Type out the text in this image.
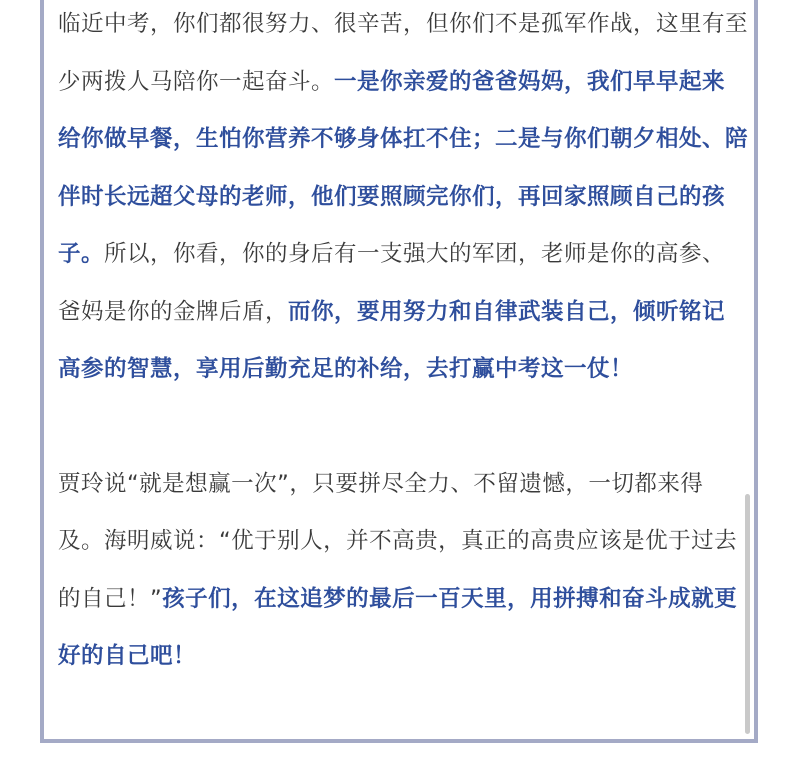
临近中考，你们都很努力、很辛苦，但你们不是孤军作战，这里有至少两拨人马陪你一起奋斗。一是你亲爱的爸爸妈妈，我们早早起来给你做早餐，生怕你营养不够身体扛不住；二是与你们朝夕相处、陪伴时长远超父母的老师，他们要照顾完你们，再回家照顾自己的孩子。所以，你看，你的身后有一支强大的军团，老师是你的高参、爸妈是你的金牌后盾，而你，要用努力和自律武装自己，倾听铭记高参的智慧，享用后勤充足的补给，去打赢中考这一仗！

贾玲说“就是想赢一次”，只要拼尽全力、不留遗憾，一切都来得及。海明威说：“优于别人，并不高贵，真正的高贵应该是优于过去的自己！”孩子们，在这追梦的最后一百天里，用拼搏和奋斗成就更好的自己吧！
